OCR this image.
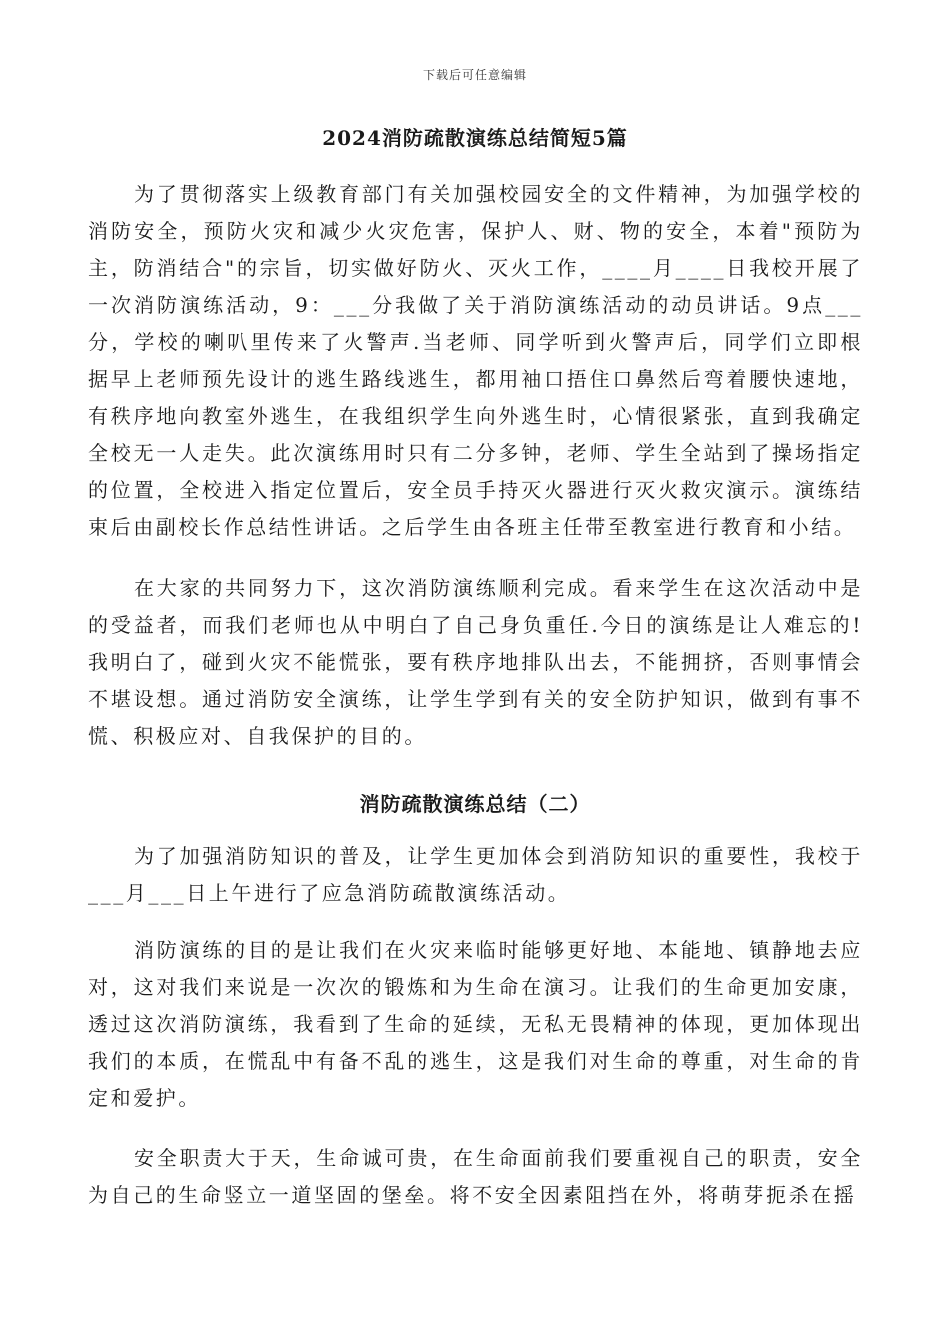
下载后可任意编辑
2024消防疏散演练总结简短5篇

为了贯彻落实上级教育部门有关加强校园安全的文件精神，为加强学校的消防安全，预防火灾和减少火灾危害，保护人、财、物的安全，本着"预防为主，防消结合"的宗旨，切实做好防火、灭火工作，____月____日我校开展了一次消防演练活动，9：___分我做了关于消防演练活动的动员讲话。9点___分，学校的喇叭里传来了火警声.当老师、同学听到火警声后，同学们立即根据早上老师预先设计的逃生路线逃生，都用袖口捂住口鼻然后弯着腰快速地，有秩序地向教室外逃生，在我组织学生向外逃生时，心情很紧张，直到我确定全校无一人走失。此次演练用时只有二分多钟，老师、学生全站到了操场指定的位置，全校进入指定位置后，安全员手持灭火器进行灭火救灾演示。演练结束后由副校长作总结性讲话。之后学生由各班主任带至教室进行教育和小结。

在大家的共同努力下，这次消防演练顺利完成。看来学生在这次活动中是的受益者，而我们老师也从中明白了自己身负重任.今日的演练是让人难忘的!我明白了，碰到火灾不能慌张，要有秩序地排队出去，不能拥挤，否则事情会不堪设想。通过消防安全演练，让学生学到有关的安全防护知识，做到有事不慌、积极应对、自我保护的目的。

消防疏散演练总结（二）

为了加强消防知识的普及，让学生更加体会到消防知识的重要性，我校于___月___日上午进行了应急消防疏散演练活动。

消防演练的目的是让我们在火灾来临时能够更好地、本能地、镇静地去应对，这对我们来说是一次次的锻炼和为生命在演习。让我们的生命更加安康，透过这次消防演练，我看到了生命的延续，无私无畏精神的体现，更加体现出我们的本质，在慌乱中有备不乱的逃生，这是我们对生命的尊重，对生命的肯定和爱护。

安全职责大于天，生命诚可贵，在生命面前我们要重视自己的职责，安全为自己的生命竖立一道坚固的堡垒。将不安全因素阻挡在外，将萌芽扼杀在摇
